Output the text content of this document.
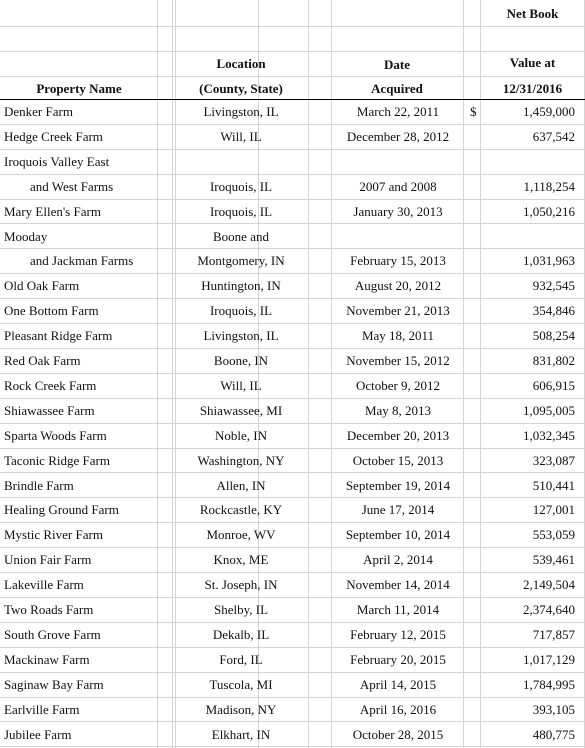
Net Book
Location	Date	Value at
Property Name	(County, State)	Acquired	12/31/2016
Denker Farm	Livingston, IL	March 22, 2011	$	1,459,000
Hedge Creek Farm	Will, IL	December 28, 2012	637,542
Iroquois Valley East
and West Farms	Iroquois, IL	2007 and 2008	1,118,254
Mary Ellen's Farm	Iroquois, IL	January 30, 2013	1,050,216
Mooday	Boone and
and Jackman Farms	Montgomery, IN	February 15, 2013	1,031,963
Old Oak Farm	Huntington, IN	August 20, 2012	932,545
One Bottom Farm	Iroquois, IL	November 21, 2013	354,846
Pleasant Ridge Farm	Livingston, IL	May 18, 2011	508,254
Red Oak Farm	Boone, IN	November 15, 2012	831,802
Rock Creek Farm	Will, IL	October 9, 2012	606,915
Shiawassee Farm	Shiawassee, MI	May 8, 2013	1,095,005
Sparta Woods Farm	Noble, IN	December 20, 2013	1,032,345
Taconic Ridge Farm	Washington, NY	October 15, 2013	323,087
Brindle Farm	Allen, IN	September 19, 2014	510,441
Healing Ground Farm	Rockcastle, KY	June 17, 2014	127,001
Mystic River Farm	Monroe, WV	September 10, 2014	553,059
Union Fair Farm	Knox, ME	April 2, 2014	539,461
Lakeville Farm	St. Joseph, IN	November 14, 2014	2,149,504
Two Roads Farm	Shelby, IL	March 11, 2014	2,374,640
South Grove Farm	Dekalb, IL	February 12, 2015	717,857
Mackinaw Farm	Ford, IL	February 20, 2015	1,017,129
Saginaw Bay Farm	Tuscola, MI	April 14, 2015	1,784,995
Earlville Farm	Madison, NY	April 16, 2016	393,105
Jubilee Farm	Elkhart, IN	October 28, 2015	480,775
